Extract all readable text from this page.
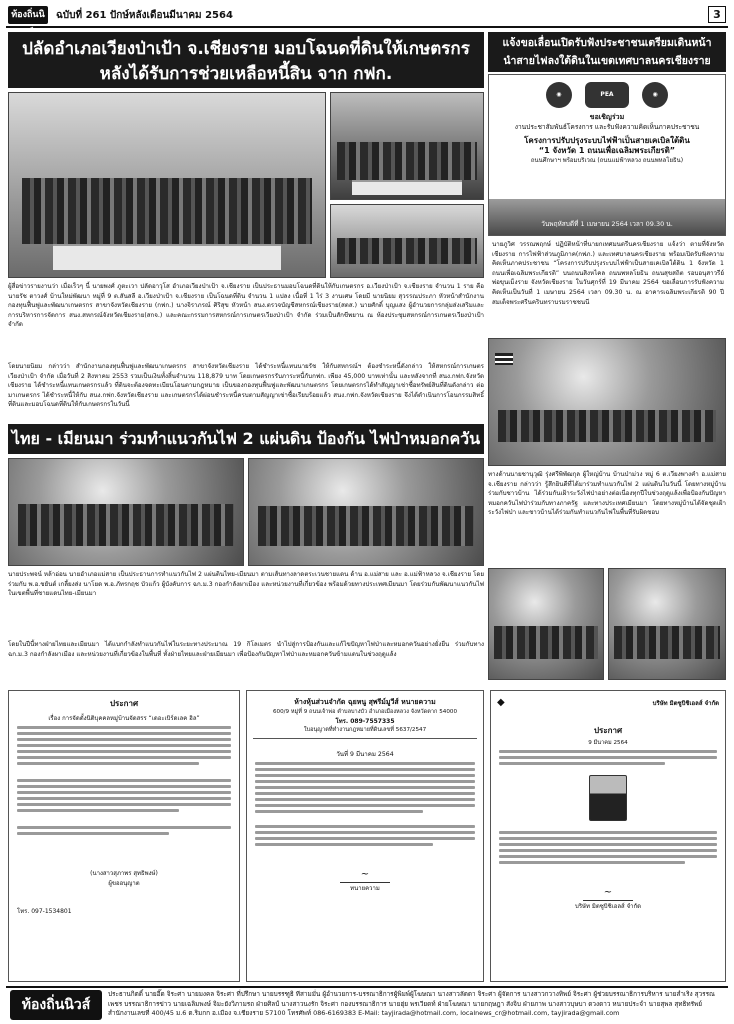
ท้องถิ่นนิ	ฉบับที่ 261 ปักษ์หลังเดือนมีนาคม 2564	3
ปลัดอำเภอเวียงป่าเป้า จ.เชียงราย มอบโฉนดที่ดินให้เกษตรกร
หลังได้รับการช่วยเหลือหนี้สิน จาก กฟก.
แจ้งขอเลื่อนเปิดรับฟังประชาชนเตรียมเดินหน้า
นำสายไฟลงใต้ดินในเขตเทศบาลนครเชียงราย
◉	PEA	◉
ขอเชิญร่วม
งานประชาสัมพันธ์โครงการ และรับฟังความคิดเห็นภาคประชาชน
โครงการปรับปรุงระบบไฟฟ้าเป็นสายเคเบิลใต้ดิน
“1 จังหวัด 1 ถนนเพื่อเฉลิมพระเกียรติ”
ถนนศึกษาฯ พร้อมบริเวณ (ถนนแม่ฟ้าหลวง ถนนพหลโยธิน)
วันพฤหัสบดีที่ 1 เมษายน 2564 เวลา 09.30 น.
นายภูวิศ วรรณพฤกษ์ ปฏิบัติหน้าที่นายกเทศมนตรีนครเชียงราย แจ้งว่า ตามที่จังหวัดเชียงราย การไฟฟ้าส่วนภูมิภาค(กฟภ.) และเทศบาลนครเชียงราย พร้อมเปิดรับฟังความคิดเห็นภาคประชาชน “โครงการปรับปรุงระบบไฟฟ้าเป็นสายเคเบิลใต้ดิน 1 จังหวัด 1 ถนนเพื่อเฉลิมพระเกียรติ” บนถนนสิงหไคล ถนนพหลโยธิน ถนนสุขสถิต รอบอนุสาวรีย์พ่อขุนเม็งราย จังหวัดเชียงราย ในวันศุกร์ที่ 19 มีนาคม 2564 ขอเลื่อนการรับฟังความคิดเห็นเป็นวันที่ 1 เมษายน 2564 เวลา 09.30 น. ณ อาคารเฉลิมพระเกียรติ 90 ปี สมเด็จพระศรีนครินทราบรมราชชนนี
ผู้สื่อข่าวรายงานว่า เมื่อเร็วๆ นี้ นายพงศ์ ภูตะเวา ปลัดอาวุโส อำเภอเวียงป่าเป้า จ.เชียงราย เป็นประธานมอบโฉนดที่ดินให้กับเกษตรกร อ.เวียงป่าเป้า จ.เชียงราย จำนวน 1 ราย คือนายรัช ตาวงศ์ บ้านใหม่พัฒนา หมู่ที่ 9 ต.สันสลี อ.เวียงป่าเป้า จ.เชียงราย เป็นโฉนดที่ดิน จำนวน 1 แปลง เนื้อที่ 1 ไร่ 3 งานเศษ โดยมี นายนิยม สุวรรณประภา หัวหน้าสำนักงานกองทุนฟื้นฟูและพัฒนาเกษตรกร สาขาจังหวัดเชียงราย (กฟก.) นางจิราภรณ์ ศิริสุข หัวหน้า สนง.ตรวจบัญชีสหกรณ์เชียงราย(สตส.) นายศักดิ์ บุญแสง ผู้อำนวยการกลุ่มส่งเสริมและการบริหารการจัดการ สนง.สหกรณ์จังหวัดเชียงราย(สกจ.) และคณะกรรมการสหกรณ์การเกษตรเวียงป่าเป้า จำกัด ร่วมเป็นสักขีพยาน ณ ห้องประชุมสหกรณ์การเกษตรเวียงป่าเป้า จำกัด
โดยนายนิยม กล่าวว่า สำนักงานกองทุนฟื้นฟูและพัฒนาเกษตรกร สาขาจังหวัดเชียงราย ได้ชำระหนี้แทนนายรัช ให้กับสหกรณ์ฯ ต้องชำระหนี้ดังกล่าว ให้สหกรณ์การเกษตรเวียงป่าเป้า จำกัด เมื่อวันที่ 2 สิงหาคม 2553 รวมเป็นเงินทั้งสิ้นจำนวน 118,879 บาท โดยเกษตรกรรับภาระหนี้กับกฟก. เพียง 45,000 บาทเท่านั้น และหลังจากที่ สนง.กฟก.จังหวัดเชียงราย ได้ชำระหนี้แทนเกษตรกรแล้ว ที่ดินจะต้องจดทะเบียนโอนตามกฎหมาย เป็นของกองทุนฟื้นฟูและพัฒนาเกษตรกร โดยเกษตรกรได้ทำสัญญาเช่าซื้อทรัพย์สินที่ดินดังกล่าว ต่อมาเกษตรกร ได้ชำระหนี้ให้กับ สนง.กฟก.จังหวัดเชียงราย และเกษตรกรได้ผ่อนชำระหนี้ครบตามสัญญาเช่าซื้อเรียบร้อยแล้ว สนง.กฟก.จังหวัดเชียงราย จึงได้ดำเนินการโอนกรรมสิทธิ์ที่ดินและมอบโฉนดที่ดินให้กับเกษตรกรในวันนี้
ไทย - เมียนมา ร่วมทำแนวกันไฟ 2 แผ่นดิน ป้องกัน ไฟป่าหมอกควัน
ทางด้านนายชานุวุฒิ รุ่งศรีพิพัฒกุล ผู้ใหญ่บ้าน บ้านป่าม่วง หมู่ 6 ต.เวียงพางคำ อ.แม่สาย จ.เชียงราย กล่าวว่า รู้สึกยินดีที่ได้มาร่วมทำแนวกันไฟ 2 แผ่นดินในวันนี้ โดยทางหมู่บ้าน ร่วมกับชาวบ้าน ได้ร่วมกันเฝ้าระวังไฟป่าอย่างต่อเนื่องทุกปีในช่วงฤดูแล้งเพื่อป้องกันปัญหาหมอกควันไฟป่าร่วมกับทางภาครัฐ และทางประเทศเมียนมา โดยทางหมู่บ้านได้จัดชุดเฝ้าระวังไฟป่า และชาวบ้านได้ร่วมกันทำแนวกันไฟในพื้นที่รับผิดชอบ
นายประพจน์ หล้าอ่อน นายอำเภอแม่สาย เป็นประธานการทำแนวกันไฟ 2 แผ่นดินไทย-เมียนมา ตามเส้นทางลาดตระเวนชายแดน ด้าน อ.แม่สาย และ อ.แม่ฟ้าหลวง จ.เชียงราย โดยร่วมกับ พ.อ.ชยันต์ เกลี้ยงส่ง นาโยด พ.อ.ภัทรกฤช บัวแก้ว ผู้บังคับการ ฉก.ม.3 กองกำลังผาเมือง และหน่วยงานที่เกี่ยวข้อง พร้อมด้วยทางประเทศเมียนมา โดยร่วมกันพัฒนาแนวกันไฟ ในเขตพื้นที่ชายแดนไทย-เมียนมา
โดยในปีนี้ทางฝ่ายไทยและเมียนมา ได้แบกกำลังทำแนวกันไฟในระยะทางประมาณ 19 กิโลเมตร นำไปสู่การป้องกันและแก้ไขปัญหาไฟป่าและหมอกควันอย่างยั่งยืน ร่วมกับทาง ฉก.ม.3 กองกำลังผาเมือง และหน่วยงานที่เกี่ยวข้องในพื้นที่ ทั้งฝ่ายไทยและฝ่ายเมียนมา เพื่อป้องกันปัญหาไฟป่าและหมอกควันข้ามแดนในช่วงฤดูแล้ง
ประกาศ
เรื่อง การจัดตั้งนิติบุคคลหมู่บ้านจัดสรร “เดอะเบิร์ดเลค ฮิล”
(นางสาวสุภาพร สุทธิพงษ์)
ผู้ขออนุญาต
โทร. 097-1534801
ห้างหุ้นส่วนจำกัด ฉุยหนู สุพรีม์มูวีส์ หนายความ
600/9 หมู่ที่ 9 ถนนเจ้าพ่อ ตำบลบางบัว อำเภอเมืองหลวง จังหวัดตาก 54000
โทร. 089-7557335
ใบอนุญาตที่ทำงานกฎหมายที่ดินเลขที่ 5637/2547
วันที่ 9 มีนาคม 2564
~
ทนายความ
◆	บริษัท มิตซูบิชิเอลส์ จำกัด
ประกาศ
9 มีนาคม 2564
~
บริษัท มิตซูบิชิเอลส์ จำกัด
ท้องถิ่นนิวส์
ประธานกิตติ์ นายอี๊ด จิระศา นายมงคล จิระศา ที่ปรึกษา นายบรรฑูธิ ทีสามมั่น ผู้อำนวยการ-บรรณาธิการผู้พิมพ์ผู้โฆษณา นางสาวลัดดา จิระศา ผู้จัดการ นางสาวกวางทิพย์ จิระศา ผู้ช่วยบรรณาธิการบริหาร นายสำเริง สุวรรณเพชร บรรณาธิการข่าว นายเฉลิมพงษ์ จิมะยังวิภามรถ ฝ่ายศิลป์ นางสาวนงรัก จิระศา กองบรรณาธิการ นายฮุ่ย พรเวียดท์ ฝ่ายโฆษณา นายกฤษฎา สังจิบ ฝ่ายภาพ นางสาวบุษบา ดวงดาว หนายประจำ นายสุพล สุทธิทรัพย์ สำนักงานเลขที่ 400/45 ม.6 ต.ริมกก อ.เมือง จ.เชียงราย 57100 โทรศัพท์ 086-6169383 E-Mail: tayjirada@hotmail.com, localnews_cr@hotmail.com, tayjirada@gmail.com
